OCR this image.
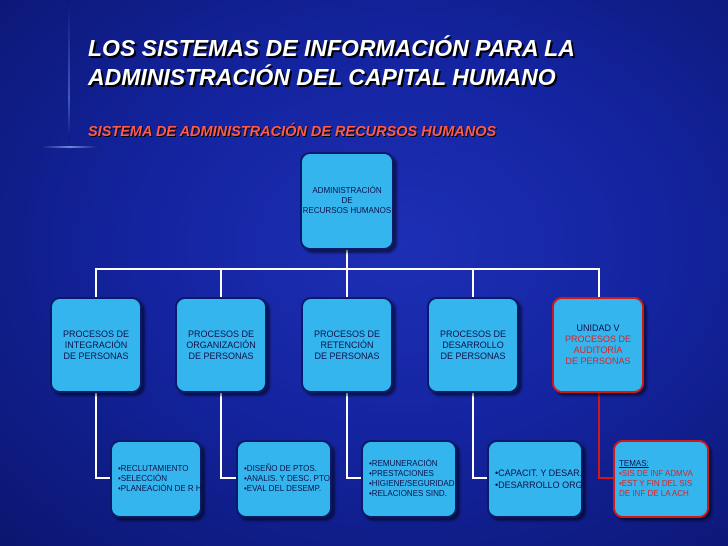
LOS SISTEMAS DE INFORMACIÓN PARA LA
ADMINISTRACIÓN DEL CAPITAL HUMANO
SISTEMA DE ADMINISTRACIÓN DE RECURSOS HUMANOS
ADMINISTRACIÓN
DE
RECURSOS HUMANOS
PROCESOS DE
INTEGRACIÓN
DE PERSONAS
PROCESOS DE
ORGANIZACIÓN
DE PERSONAS
PROCESOS DE
RETENCIÓN
DE PERSONAS
PROCESOS DE
DESARROLLO
DE PERSONAS
UNIDAD V
PROCESOS DE
AUDITORÍA
DE PERSONAS
•RECLUTAMIENTO
•SELECCIÓN
•PLANEACIÓN DE R H
•DISEÑO DE PTOS.
•ANALIS. Y DESC. PTO.
•EVAL DEL DESEMP.
•REMUNERACIÓN
•PRESTACIONES
•HIGIENE/SEGURIDAD
•RELACIONES SIND.
•CAPACIT. Y DESAR.
•DESARROLLO ORG.
TEMAS:
•SIS DE INF ADMVA
•EST Y FIN DEL SIS
DE INF DE LA ACH
